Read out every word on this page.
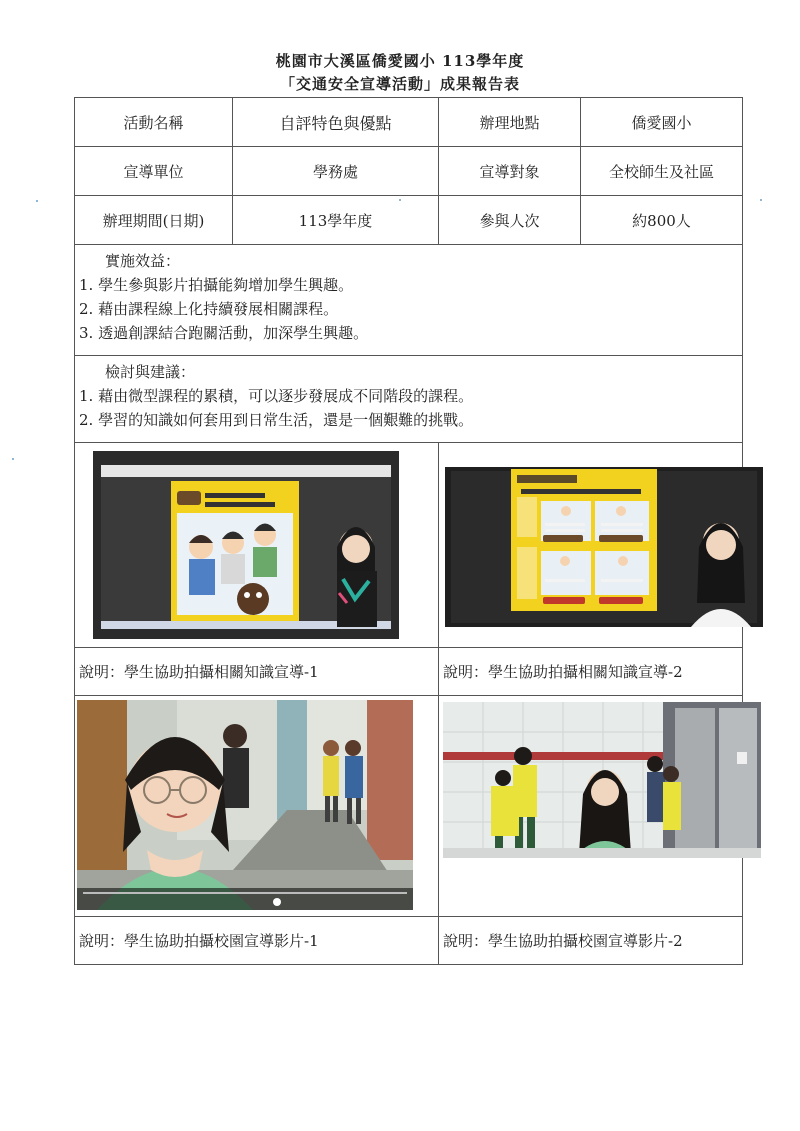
桃園市大溪區僑愛國小 113學年度
「交通安全宣導活動」成果報告表
活動名稱	自評特色與優點	辦理地點	僑愛國小
宣導單位	學務處	宣導對象	全校師生及社區
辦理期間(日期)	113學年度	參與人次	約800人

實施效益：
1. 學生參與影片拍攝能夠增加學生興趣。
2. 藉由課程線上化持續發展相關課程。
3. 透過創課結合跑關活動，加深學生興趣。			

檢討與建議：
1. 藉由微型課程的累積，可以逐步發展成不同階段的課程。
2. 學習的知識如何套用到日常生活，還是一個艱難的挑戰。			

說明：學生協助拍攝相關知識宣導-1		說明：學生協助拍攝相關知識宣導-2	

說明：學生協助拍攝校園宣導影片-1		說明：學生協助拍攝校園宣導影片-2	
